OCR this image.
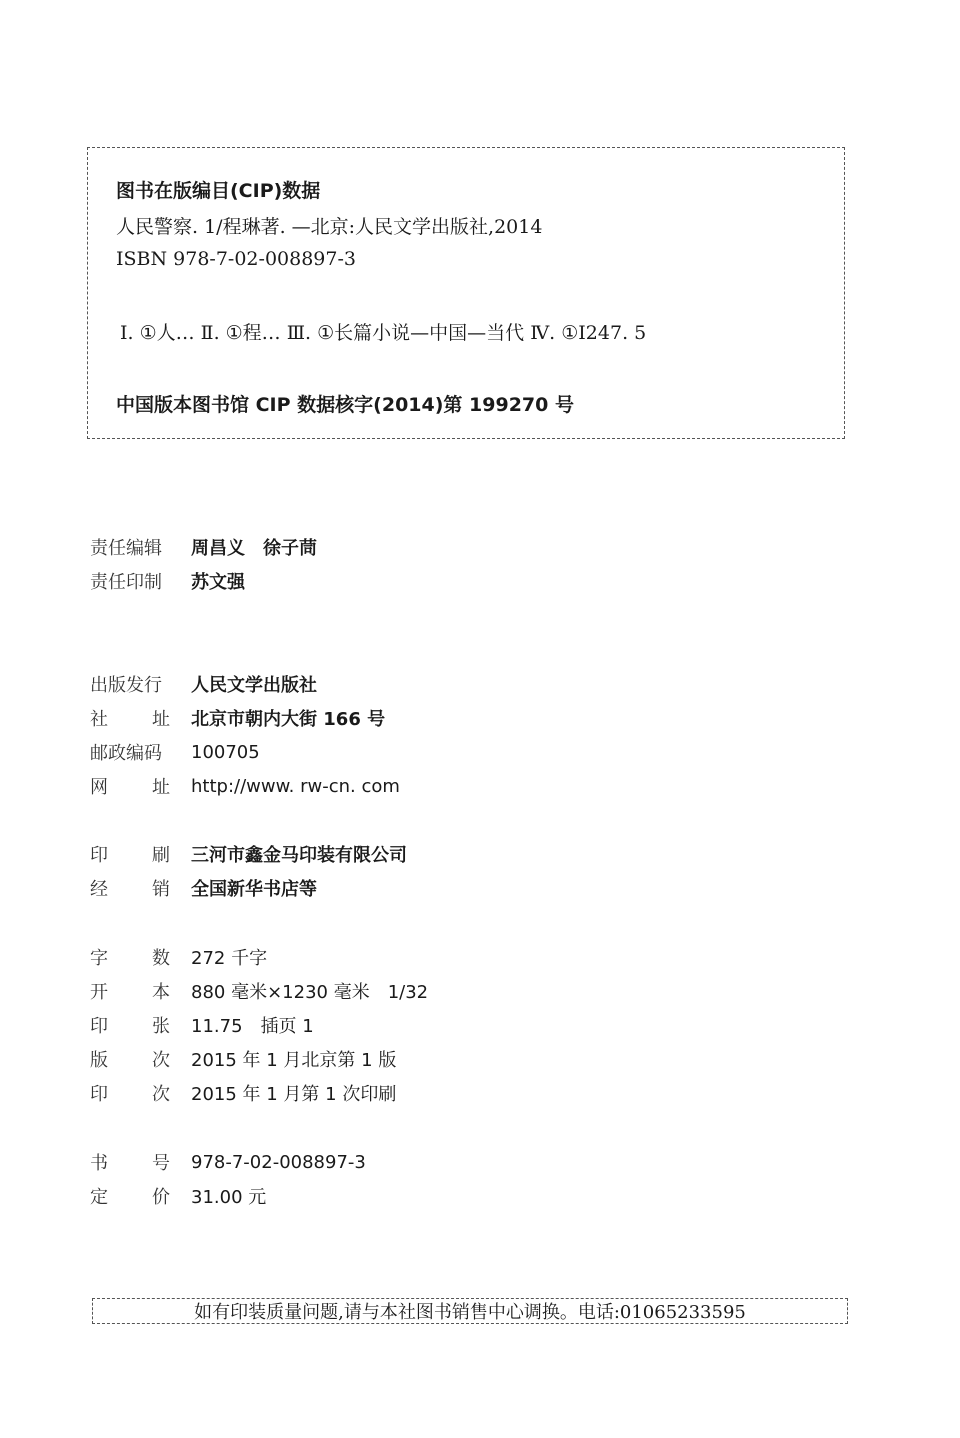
图书在版编目(CIP)数据
人民警察. 1/程琳著. —北京:人民文学出版社,2014
ISBN 978-7-02-008897-3
Ⅰ. ①人… Ⅱ. ①程… Ⅲ. ①长篇小说—中国—当代 Ⅳ. ①I247. 5
中国版本图书馆 CIP 数据核字(2014)第 199270 号
责任编辑	周昌义　徐子茼
责任印制	苏文强
出版发行	人民文学出版社
社 址 北京市朝内大街 166 号
邮政编码	100705
网 址 http://www. rw-cn. com
印 刷 三河市鑫金马印装有限公司
经 销 全国新华书店等
字 数 272 千字
开 本 880 毫米×1230 毫米　1/32
印 张 11.75　插页 1
版 次 2015 年 1 月北京第 1 版
印 次 2015 年 1 月第 1 次印刷
书 号 978-7-02-008897-3
定 价 31.00 元
如有印装质量问题,请与本社图书销售中心调换。电话:01065233595
